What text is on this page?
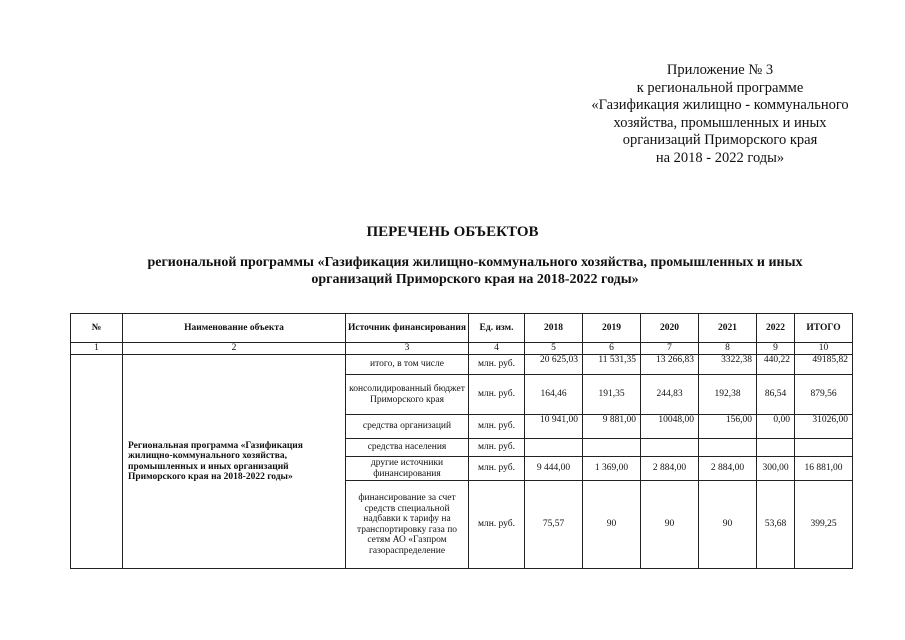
Приложение № 3
к региональной программе
«Газификация жилищно - коммунального
хозяйства, промышленных и иных
организаций Приморского края
на 2018 - 2022 годы»
ПЕРЕЧЕНЬ ОБЪЕКТОВ
региональной программы «Газификация жилищно-коммунального хозяйства, промышленных и иных
организаций Приморского края на 2018-2022 годы»
№	Наименование объекта	Источник финансирования	Ед. изм.	2018	2019	2020	2021	2022	ИТОГО
1	2	3	4	5	6	7	8	9	10
	Региональная программа «Газификация жилищно-коммунального хозяйства, промышленных и иных организаций Приморского края на 2018-2022 годы»	итого, в том числе	млн. руб.	20 625,03	11 531,35	13 266,83	3322,38	440,22	49185,82
		консолидированный бюджет Приморского края	млн. руб.	164,46	191,35	244,83	192,38	86,54	879,56
		средства организаций	млн. руб.	10 941,00	9 881,00	10048,00	156,00	0,00	31026,00
		средства населения	млн. руб.						
		другие источники финансирования	млн. руб.	9 444,00	1 369,00	2 884,00	2 884,00	300,00	16 881,00
		финансирование за счет средств специальной надбавки к тарифу на транспортировку газа по сетям АО «Газпром газораспределение	млн. руб.	75,57	90	90	90	53,68	399,25
